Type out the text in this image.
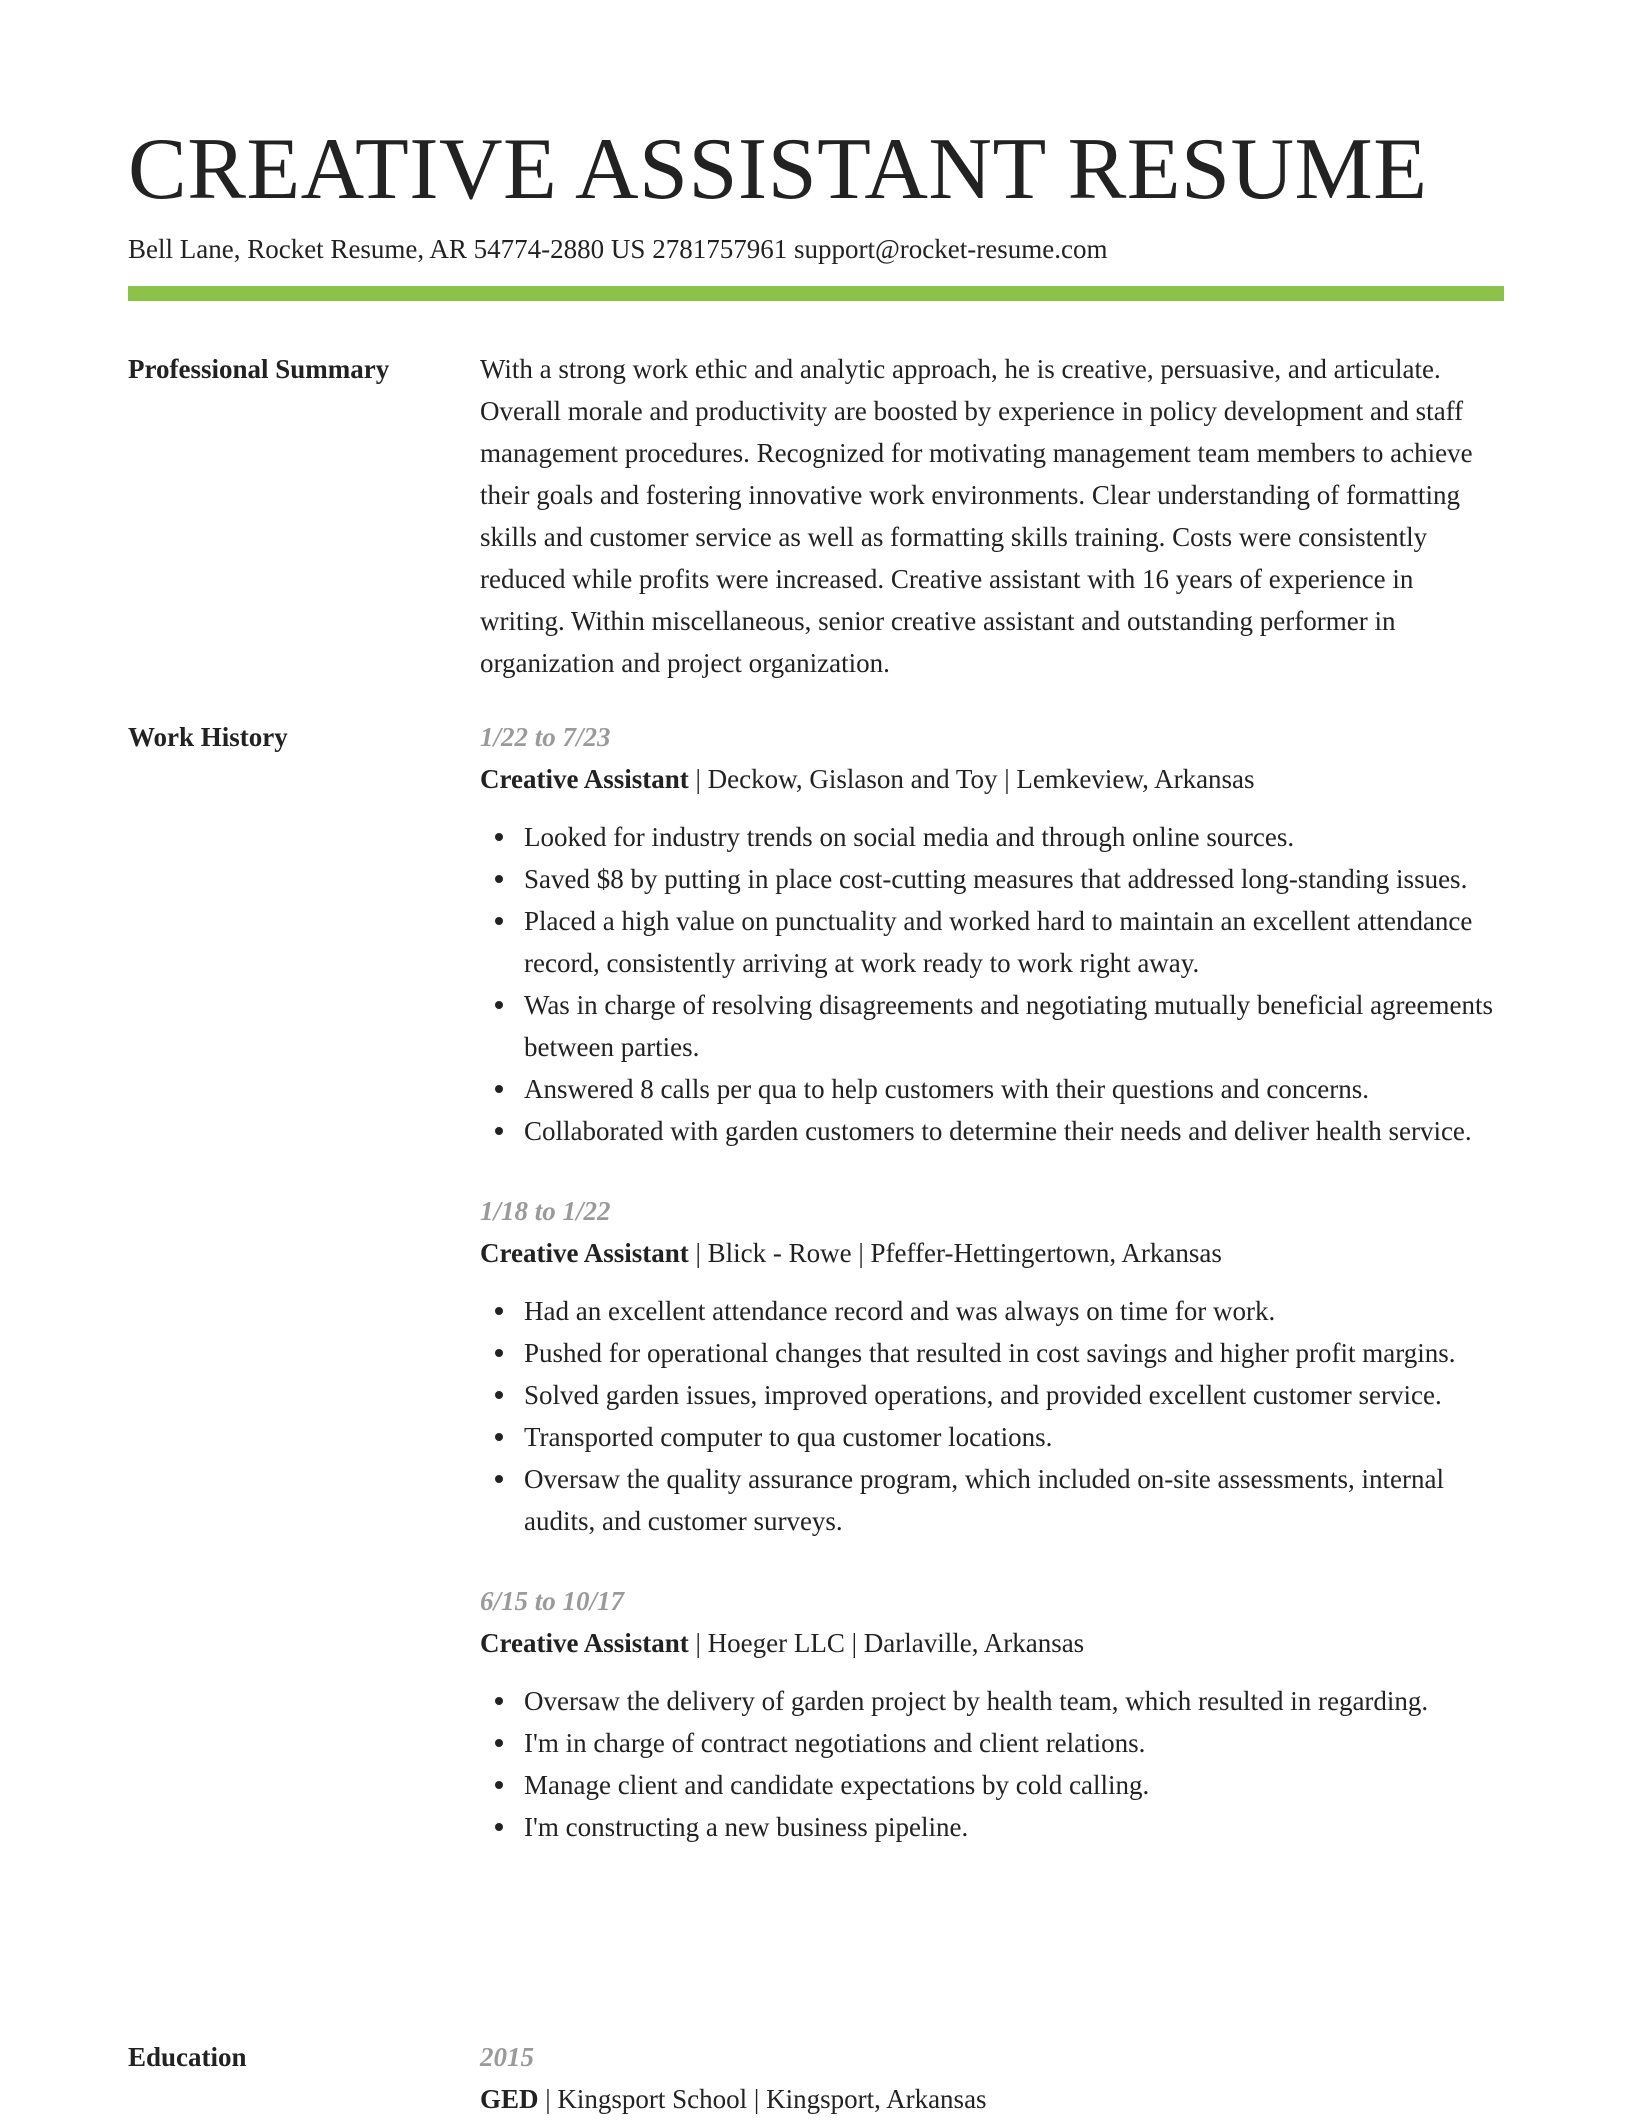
CREATIVE ASSISTANT RESUME
Bell Lane, Rocket Resume, AR 54774-2880 US 2781757961 support@rocket-resume.com
Professional Summary	With a strong work ethic and analytic approach, he is creative, persuasive, and articulate. Overall morale and productivity are boosted by experience in policy development and staff management procedures. Recognized for motivating management team members to achieve their goals and fostering innovative work environments. Clear understanding of formatting skills and customer service as well as formatting skills training. Costs were consistently reduced while profits were increased. Creative assistant with 16 years of experience in writing. Within miscellaneous, senior creative assistant and outstanding performer in organization and project organization.

Work History	1/22 to 7/23
Creative Assistant | Deckow, Gislason and Toy | Lemkeview, Arkansas
Looked for industry trends on social media and through online sources.
Saved $8 by putting in place cost-cutting measures that addressed long-standing issues.
Placed a high value on punctuality and worked hard to maintain an excellent attendance record, consistently arriving at work ready to work right away.
Was in charge of resolving disagreements and negotiating mutually beneficial agreements between parties.
Answered 8 calls per qua to help customers with their questions and concerns.
Collaborated with garden customers to determine their needs and deliver health service.
1/18 to 1/22
Creative Assistant | Blick - Rowe | Pfeffer-Hettingertown, Arkansas
Had an excellent attendance record and was always on time for work.
Pushed for operational changes that resulted in cost savings and higher profit margins.
Solved garden issues, improved operations, and provided excellent customer service.
Transported computer to qua customer locations.
Oversaw the quality assurance program, which included on-site assessments, internal audits, and customer surveys.
6/15 to 10/17
Creative Assistant | Hoeger LLC | Darlaville, Arkansas
Oversaw the delivery of garden project by health team, which resulted in regarding.
I'm in charge of contract negotiations and client relations.
Manage client and candidate expectations by cold calling.
I'm constructing a new business pipeline.
Education	2015
GED | Kingsport School | Kingsport, Arkansas
